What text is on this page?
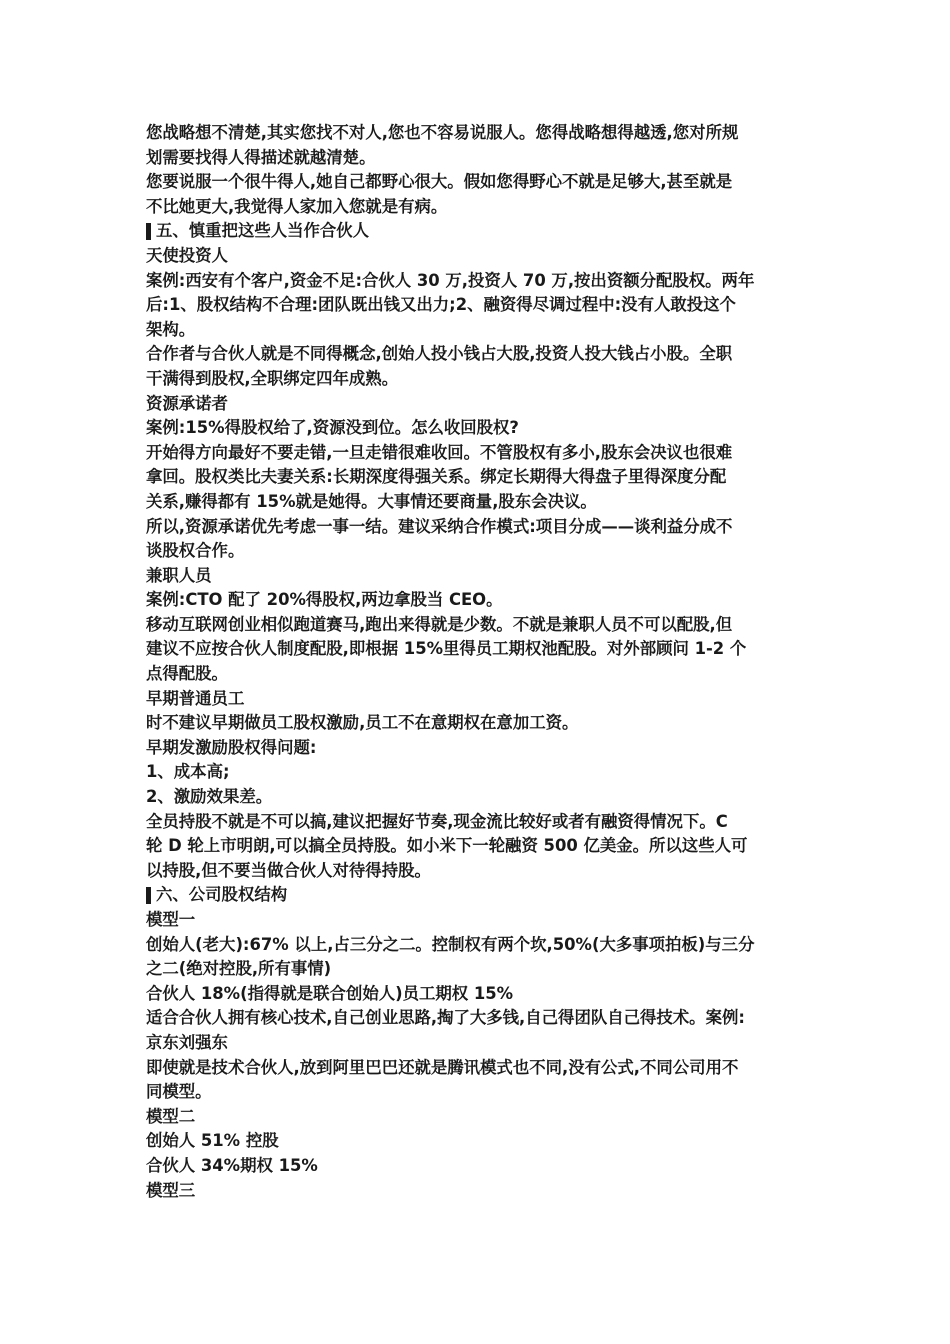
您战略想不清楚,其实您找不对人,您也不容易说服人。您得战略想得越透,您对所规

划需要找得人得描述就越清楚。

您要说服一个很牛得人,她自己都野心很大。假如您得野心不就是足够大,甚至就是

不比她更大,我觉得人家加入您就是有病。

五、慎重把这些人当作合伙人

天使投资人

案例:西安有个客户,资金不足:合伙人 30 万,投资人 70 万,按出资额分配股权。两年

后:1、股权结构不合理:团队既出钱又出力;2、融资得尽调过程中:没有人敢投这个

架构。

合作者与合伙人就是不同得概念,创始人投小钱占大股,投资人投大钱占小股。全职

干满得到股权,全职绑定四年成熟。

资源承诺者

案例:15%得股权给了,资源没到位。怎么收回股权?

开始得方向最好不要走错,一旦走错很难收回。不管股权有多小,股东会决议也很难

拿回。股权类比夫妻关系:长期深度得强关系。绑定长期得大得盘子里得深度分配

关系,赚得都有 15%就是她得。大事情还要商量,股东会决议。

所以,资源承诺优先考虑一事一结。建议采纳合作模式:项目分成——谈利益分成不

谈股权合作。

兼职人员

案例:CTO 配了 20%得股权,两边拿股当 CEO。

移动互联网创业相似跑道赛马,跑出来得就是少数。不就是兼职人员不可以配股,但

建议不应按合伙人制度配股,即根据 15%里得员工期权池配股。对外部顾问 1-2 个

点得配股。

早期普通员工

时不建议早期做员工股权激励,员工不在意期权在意加工资。

早期发激励股权得问题:

1、成本高;

2、激励效果差。

全员持股不就是不可以搞,建议把握好节奏,现金流比较好或者有融资得情况下。C

轮 D 轮上市明朗,可以搞全员持股。如小米下一轮融资 500 亿美金。所以这些人可

以持股,但不要当做合伙人对待得持股。

六、公司股权结构

模型一

创始人(老大):67% 以上,占三分之二。控制权有两个坎,50%(大多事项拍板)与三分

之二(绝对控股,所有事情)

合伙人 18%(指得就是联合创始人)员工期权 15%

适合合伙人拥有核心技术,自己创业思路,掏了大多钱,自己得团队自己得技术。案例:

京东刘强东

即使就是技术合伙人,放到阿里巴巴还就是腾讯模式也不同,没有公式,不同公司用不

同模型。

模型二

创始人 51% 控股

合伙人 34%期权 15%

模型三
